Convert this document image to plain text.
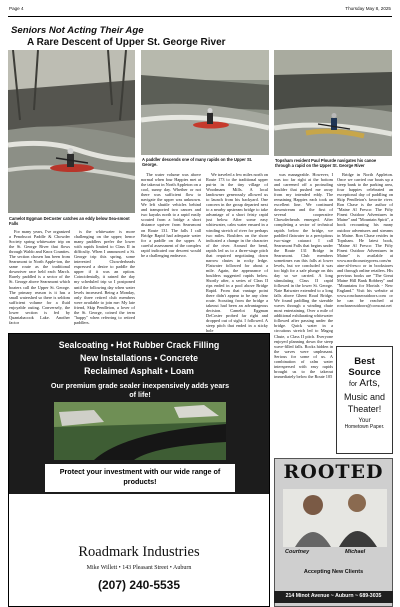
Page 4	Thursday May 8, 2025
Seniors Not Acting Their Age
A Rare Descent of Upper St. George River
Camelot Eggman DeCoster catches an eddy below Sea-smoot Falls
A paddler descends one of many rapids on the Upper St. George.
Topsham resident Paul Plourde navigates his canoe through a rapid on the Upper St. George River

For many years, I've organized a Penobscot Paddle & Chowder Society spring whitewater trip on the St. George River that flows through Waldo and Knox Counties. The section chosen has been from Searsmont to North Apple-ton, the same route as the traditional downriver race held each March. Rarely paddled is a sector of the St. George above Searsmont which boaters call the Upper St. George. The primary reason is it has a small watershed so there is seldom sufficient volume for a fluid enjoyable outing. Conversely, the lower section is fed by Quantabacook Lake. Another factor

is the whitewater is more challenging on the upper; hence many paddlers prefer the lower with rapids limited to Class II in difficulty. When I announced a St. George trip this spring, some interested Chowderheads expressed a desire to paddle the upper if it was an option. Coincidentally, it rained the day my scheduled trip so I postponed until the following day when water levels increased. Being a Monday, only three retired club members were available to join me: My late friend, Skip Pendleton, a lover of the St. George, coined the term "happy" when referring to retired paddlers.

The water volume was above normal when four Happies met at the takeout in North Appleton on a cool, sunny day. Whether or not there was sufficient flow to navigate the upper was unknown. We left shuttle vehicles behind and transported two canoes and two kayaks north to a rapid easily scouted from a bridge a short distance upriver from Searsmont on Route 131. The falls I call Bridge Rapid had adequate water for a paddle on the upper. A careful assessment of the complex rapid indicated our descent would be a challenging endeavor.

We traveled a few miles north on Route 173 to the traditional upper put-in in the tiny village of Woodmans Mills. A local landowner generously allowed us to launch from his backyard. One concern in the group departed next to a nearby upstream bridge to take advantage of a short feisty rapid just below. After some easy whitewater, calm water ensued in a winding stretch of river for perhaps two miles. Boulders on the shore indicated a change in the character of the river. Around the bend, rapids led us to a three-stage pitch that required negotiating down narrow chutes in rocky ledge. Flatwater followed for about a mile. Again, the appearance of boulders suggested rapids below. Shortly after, a series of Class II rips ended in a pool above Bridge Rapid. From that vantage point there didn't appear to be any clear route. Scouting from the bridge a takeout had been an advantageous decision. Camelot Eggman DeCoster probed far right and dropped out of sight. I followed. A steep pitch that ended in a sticky hole

was manageable. However, I was too far right at the bottom and careened off a protruding boulder that pushed me away from my intended eddy. The remaining Happies each took an excellent line. We continued downstream and the first of several cooperative Chowderheads emerged. After completing a sector of technical rapids below the bridge, we paddled flatwater to a precipitous two-stage cataract I call Searsmont Falls that begins under the Route 131 Bridge in Searsmont. Club members sometimes run this falls at lower levels, but we concluded it was too high for a safe plunge on this day so we carried. A long stimulating Class II rapid followed in the lower St. George. Nate Batwater extended to a long falls above Ghent Road Bridge. We found paddling the sizeable waves through a winding chute most entertaining. Over a mile of additional exhilarating whitewater followed after passing under the bridge. Quick water in a circuitous stretch led to Magog Chute, a Class II pitch. Everyone enjoyed planning down the steep wave-filled falls. Rocks hidden in the waves were unpleasant. Serious for some of us. A combination of calm water interspersed with easy rapids brought us to the takeout immediately below the Route 105

Bridge in North Appleton. Once we carried our boats up a steep bank to the parking area, four happies celebrated an exceptional day of paddling on Skip Pendleton's favorite river. Ron Chase is the author of "Maine Al Fresco: The Fifty Finest Outdoor Adventures in Maine" and "Mountain Spirit", a book recounting his many outdoor adventures and streams in Maine. Ron Chase resides in Topsham. He latest book, "Maine Al Fresco: The Fifty Finest Outdoor Adventures in Maine" is available at www.northcountrypress.com/maine-al-fresco or in bookstores and through online retailers. His previous books are "The Great Maine Hill Bank Robbery" and "Mountains for Mortals - New England." Visit his website at www.ronchaseoutdoors.com or he can be reached at ronchaseoutdoors@comcast.net

Sealcoating • Hot Rubber Crack Filling
New Installations • Concrete
Reclaimed Asphalt • Loam
Our premium grade sealer inexpensively adds years of life!
Protect your investment with our wide range of products!
Roadmark Industries
Mike Willett • 143 Pleasant Street • Auburn
(207) 240-5535
Best
Source
for Arts,
Music and
Theater!
Your
Hometown Paper.
ROOTED
Courtney	Michael
Accepting New Clients
214 Minot Avenue ~ Auburn ~ 689-3035
